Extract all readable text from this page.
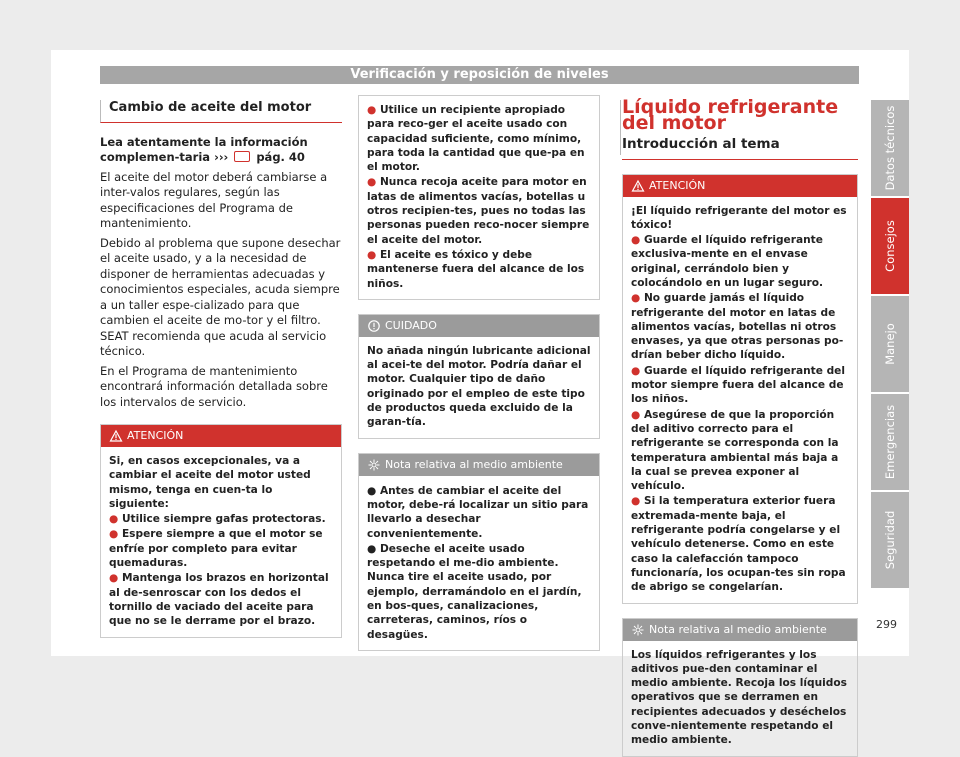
Verificación y reposición de niveles
Datos técnicos
Consejos
Manejo
Emergencias
Seguridad
Cambio de aceite del motor

Lea atentamente la información complemen-taria ››› pág. 40

El aceite del motor deberá cambiarse a inter-valos regulares, según las especificaciones del Programa de mantenimiento.

Debido al problema que supone desechar el aceite usado, y a la necesidad de disponer de herramientas adecuadas y conocimientos especiales, acuda siempre a un taller espe-cializado para que cambien el aceite de mo-tor y el filtro. SEAT recomienda que acuda al servicio técnico.

En el Programa de mantenimiento encontrará información detallada sobre los intervalos de servicio.

ATENCIÓN
Si, en casos excepcionales, va a cambiar el aceite del motor usted mismo, tenga en cuen-ta lo siguiente:
● Utilice siempre gafas protectoras.
● Espere siempre a que el motor se enfríe por completo para evitar quemaduras.
● Mantenga los brazos en horizontal al de-senroscar con los dedos el tornillo de vaciado del aceite para que no se le derrame por el brazo.
● Utilice un recipiente apropiado para reco-ger el aceite usado con capacidad suficiente, como mínimo, para toda la cantidad que que-pa en el motor.
● Nunca recoja aceite para motor en latas de alimentos vacías, botellas u otros recipien-tes, pues no todas las personas pueden reco-nocer siempre el aceite del motor.
● El aceite es tóxico y debe mantenerse fuera del alcance de los niños.
CUIDADO
No añada ningún lubricante adicional al acei-te del motor. Podría dañar el motor. Cualquier tipo de daño originado por el empleo de este tipo de productos queda excluido de la garan-tía.
Nota relativa al medio ambiente
● Antes de cambiar el aceite del motor, debe-rá localizar un sitio para llevarlo a desechar convenientemente.
● Deseche el aceite usado respetando el me-dio ambiente. Nunca tire el aceite usado, por ejemplo, derramándolo en el jardín, en bos-ques, canalizaciones, carreteras, caminos, ríos o desagües.
Líquido refrigerante del motor
Introducción al tema
ATENCIÓN
¡El líquido refrigerante del motor es tóxico!
● Guarde el líquido refrigerante exclusiva-mente en el envase original, cerrándolo bien y colocándolo en un lugar seguro.
● No guarde jamás el líquido refrigerante del motor en latas de alimentos vacías, botellas ni otros envases, ya que otras personas po-drían beber dicho líquido.
● Guarde el líquido refrigerante del motor siempre fuera del alcance de los niños.
● Asegúrese de que la proporción del aditivo correcto para el refrigerante se corresponda con la temperatura ambiental más baja a la cual se prevea exponer al vehículo.
● Si la temperatura exterior fuera extremada-mente baja, el refrigerante podría congelarse y el vehículo detenerse. Como en este caso la calefacción tampoco funcionaría, los ocupan-tes sin ropa de abrigo se congelarían.
Nota relativa al medio ambiente
Los líquidos refrigerantes y los aditivos pue-den contaminar el medio ambiente. Recoja los líquidos operativos que se derramen en recipientes adecuados y deséchelos conve-nientemente respetando el medio ambiente.
299
